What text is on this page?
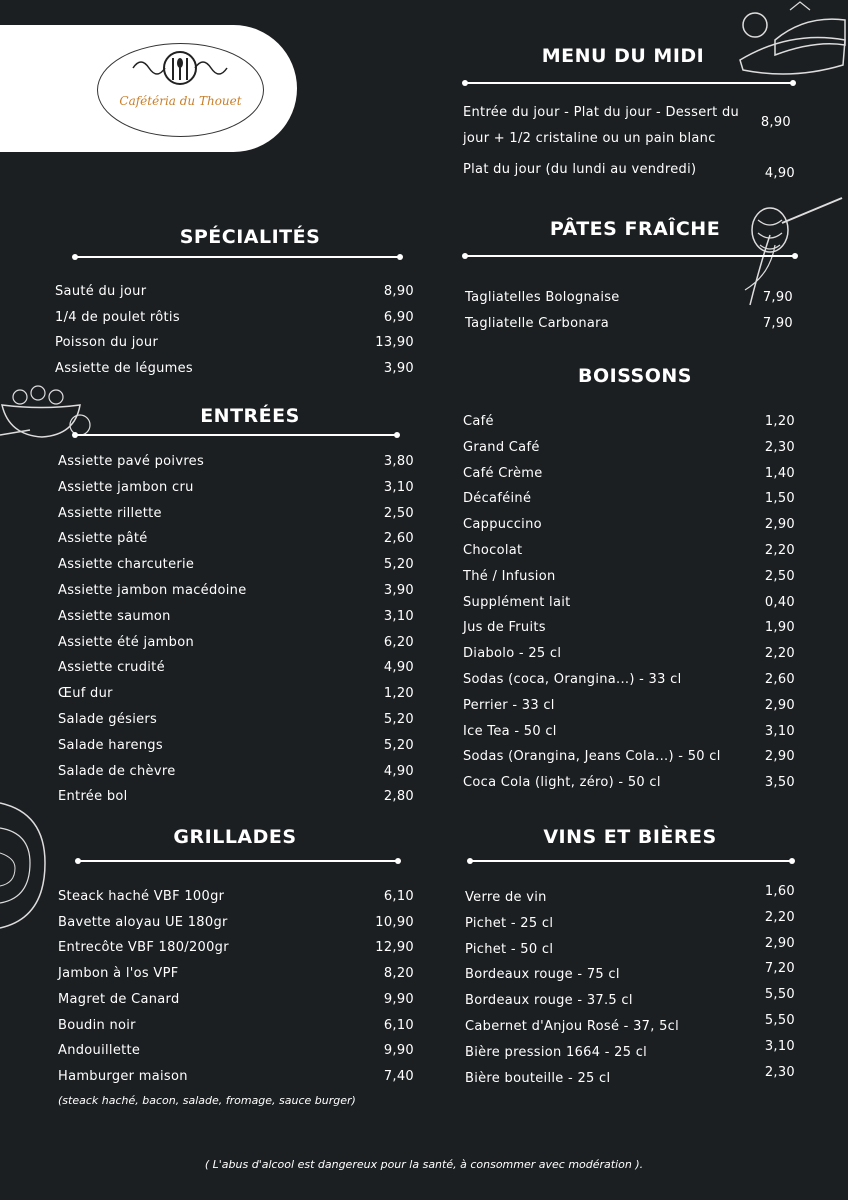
Cafétéria du Thouet
MENU DU MIDI
Entrée du jour - Plat du jour - Dessert du
jour + 1/2 cristaline ou un pain blanc
8,90
Plat du jour (du lundi au vendredi)	4,90
SPÉCIALITÉS
Sauté du jour	8,90
1/4 de poulet rôtis	6,90
Poisson du jour	13,90
Assiette de légumes	3,90
PÂTES FRAÎCHE
Tagliatelles Bolognaise	7,90
Tagliatelle Carbonara	7,90
ENTRÉES
Assiette pavé poivres	3,80
Assiette jambon cru	3,10
Assiette rillette	2,50
Assiette pâté	2,60
Assiette charcuterie	5,20
Assiette jambon macédoine	3,90
Assiette saumon	3,10
Assiette été jambon	6,20
Assiette crudité	4,90
Œuf dur	1,20
Salade gésiers	5,20
Salade harengs	5,20
Salade de chèvre	4,90
Entrée bol	2,80
BOISSONS
Café	1,20
Grand Café	2,30
Café Crème	1,40
Décaféiné	1,50
Cappuccino	2,90
Chocolat	2,20
Thé / Infusion	2,50
Supplément lait	0,40
Jus de Fruits	1,90
Diabolo - 25 cl	2,20
Sodas (coca, Orangina...) - 33 cl	2,60
Perrier - 33 cl	2,90
Ice Tea - 50 cl	3,10
Sodas (Orangina, Jeans Cola...) - 50 cl	2,90
Coca Cola (light, zéro) - 50 cl	3,50
GRILLADES
Steack haché VBF 100gr	6,10
Bavette aloyau UE 180gr	10,90
Entrecôte VBF 180/200gr	12,90
Jambon à l'os VPF	8,20
Magret de Canard	9,90
Boudin noir	6,10
Andouillette	9,90
Hamburger maison	7,40
(steack haché, bacon, salade, fromage, sauce burger)
VINS ET BIÈRES
Verre de vin	1,60
Pichet - 25 cl	2,20
Pichet - 50 cl	2,90
Bordeaux rouge - 75 cl	7,20
Bordeaux rouge - 37.5 cl	5,50
Cabernet d'Anjou Rosé - 37, 5cl	5,50
Bière pression 1664 - 25 cl	3,10
Bière bouteille - 25 cl	2,30
( L'abus d'alcool est dangereux pour la santé, à consommer avec modération ).
